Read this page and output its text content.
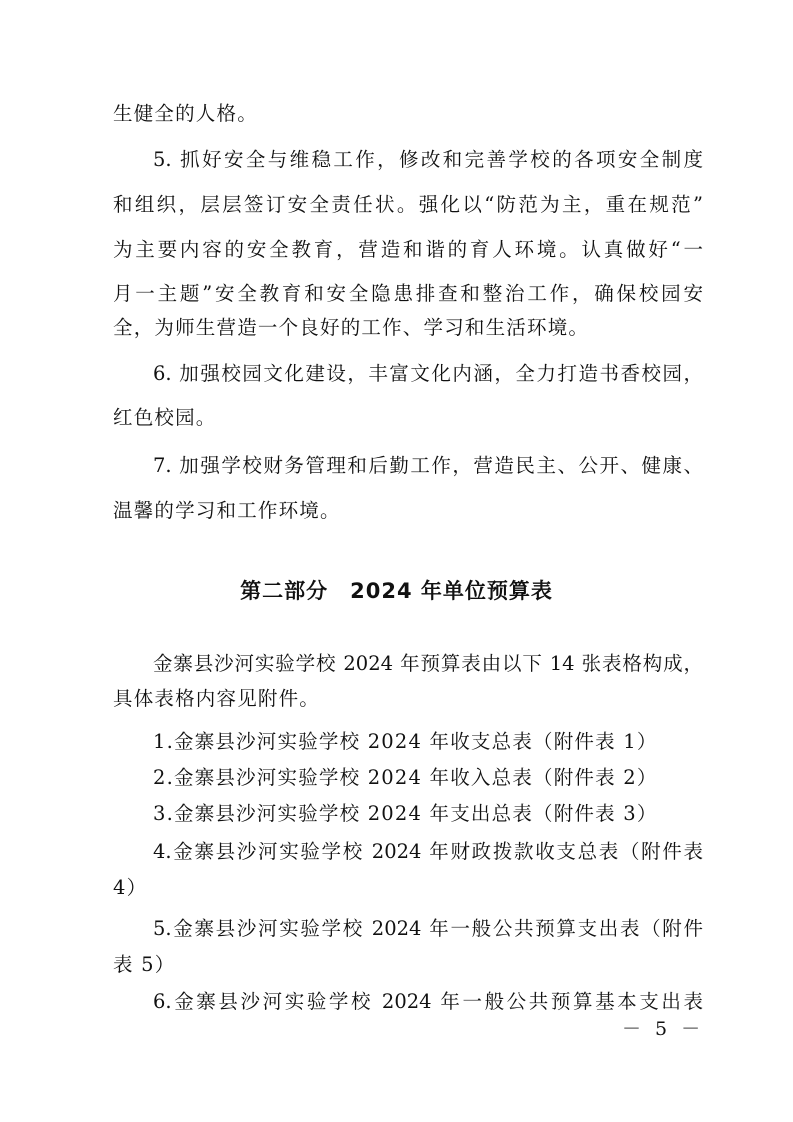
生健全的人格。
5. 抓好安全与维稳工作，修改和完善学校的各项安全制度
和组织，层层签订安全责任状。强化以“防范为主，重在规范”
为主要内容的安全教育，营造和谐的育人环境。认真做好“一
月一主题”安全教育和安全隐患排查和整治工作，确保校园安
全，为师生营造一个良好的工作、学习和生活环境。
6. 加强校园文化建设，丰富文化内涵，全力打造书香校园，
红色校园。
7. 加强学校财务管理和后勤工作，营造民主、公开、健康、
温馨的学习和工作环境。
第二部分　2024 年单位预算表
金寨县沙河实验学校 2024 年预算表由以下 14 张表格构成，
具体表格内容见附件。
1.金寨县沙河实验学校 2024 年收支总表（附件表 1）
2.金寨县沙河实验学校 2024 年收入总表（附件表 2）
3.金寨县沙河实验学校 2024 年支出总表（附件表 3）
4.金寨县沙河实验学校 2024 年财政拨款收支总表（附件表
4）
5.金寨县沙河实验学校 2024 年一般公共预算支出表（附件
表 5）
6.金寨县沙河实验学校 2024 年一般公共预算基本支出表
－ 5 －
